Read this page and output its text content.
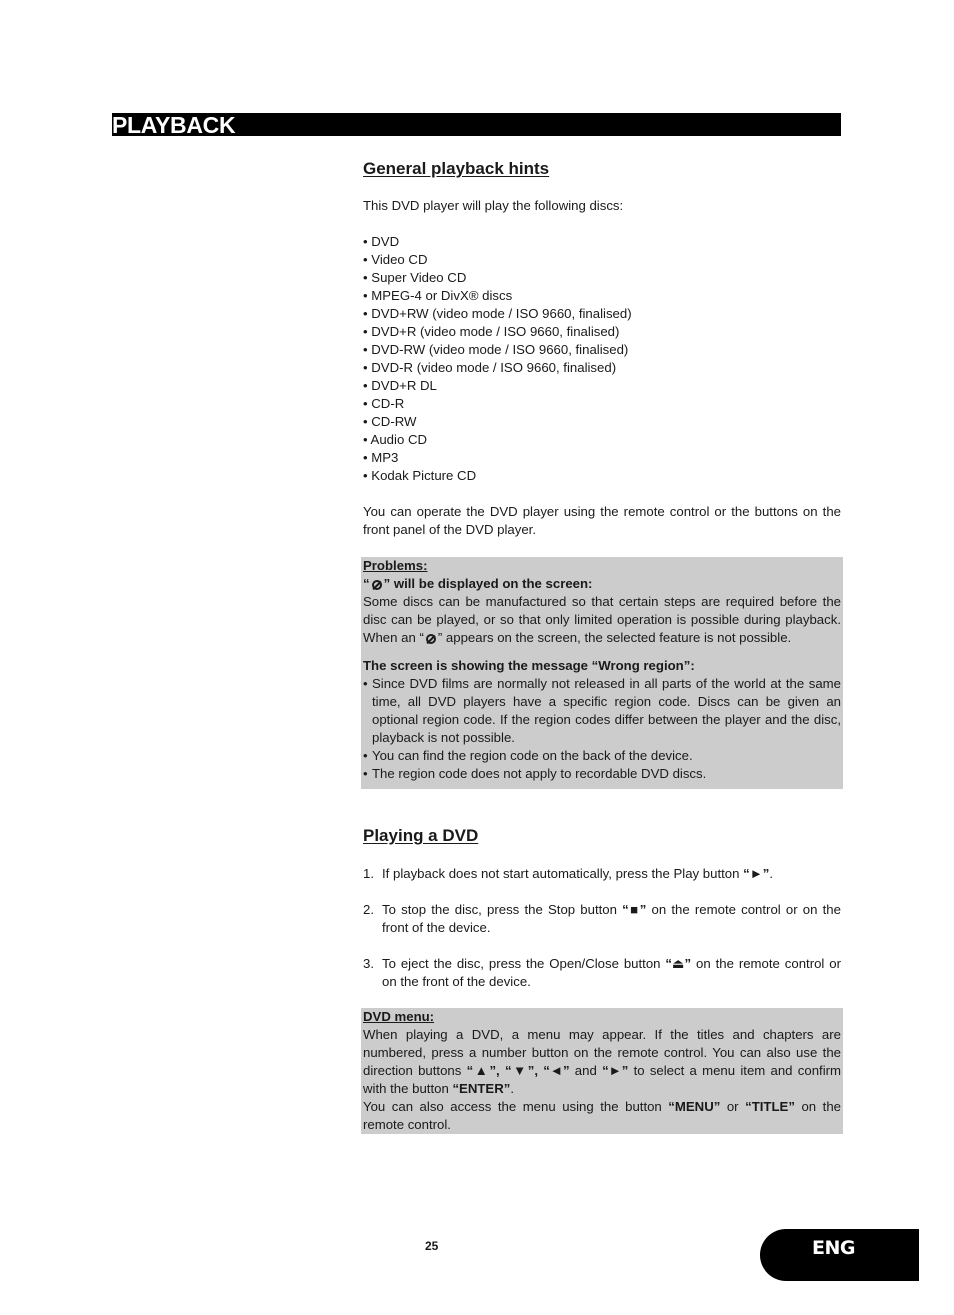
PLAYBACK
General playback hints

This DVD player will play the following discs:

• DVD
• Video CD
• Super Video CD
• MPEG-4 or DivX® discs
• DVD+RW (video mode / ISO 9660, finalised)
• DVD+R (video mode / ISO 9660, finalised)
• DVD-RW (video mode / ISO 9660, finalised)
• DVD-R (video mode / ISO 9660, finalised)
• DVD+R DL
• CD-R
• CD-RW
• Audio CD
• MP3
• Kodak Picture CD

You can operate the DVD player using the remote control or the buttons on the front panel of the DVD player.

Problems:
“ ” will be displayed on the screen:

Some discs can be manufactured so that certain steps are required before the disc can be played, or so that only limited operation is possible during playback. When an “ ” appears on the screen, the selected feature is not possible.

The screen is showing the message “Wrong region”:
• Since DVD films are normally not released in all parts of the world at the same time, all DVD players have a specific region code. Discs can be given an optional region code. If the region codes differ between the player and the disc, playback is not possible.
• You can find the region code on the back of the device.
• The region code does not apply to recordable DVD discs.
Playing a DVD
1. If playback does not start automatically, press the Play button “►”.
2. To stop the disc, press the Stop button “■” on the remote control or on the front of the device.
3. To eject the disc, press the Open/Close button “⏏” on the remote control or on the front of the device.
DVD menu:

When playing a DVD, a menu may appear. If the titles and chapters are numbered, press a number button on the remote control. You can also use the direction buttons “▲”, “▼”, “◄” and “►” to select a menu item and confirm with the button “ENTER”.

You can also access the menu using the button “MENU” or “TITLE” on the remote control.

25	ENG
